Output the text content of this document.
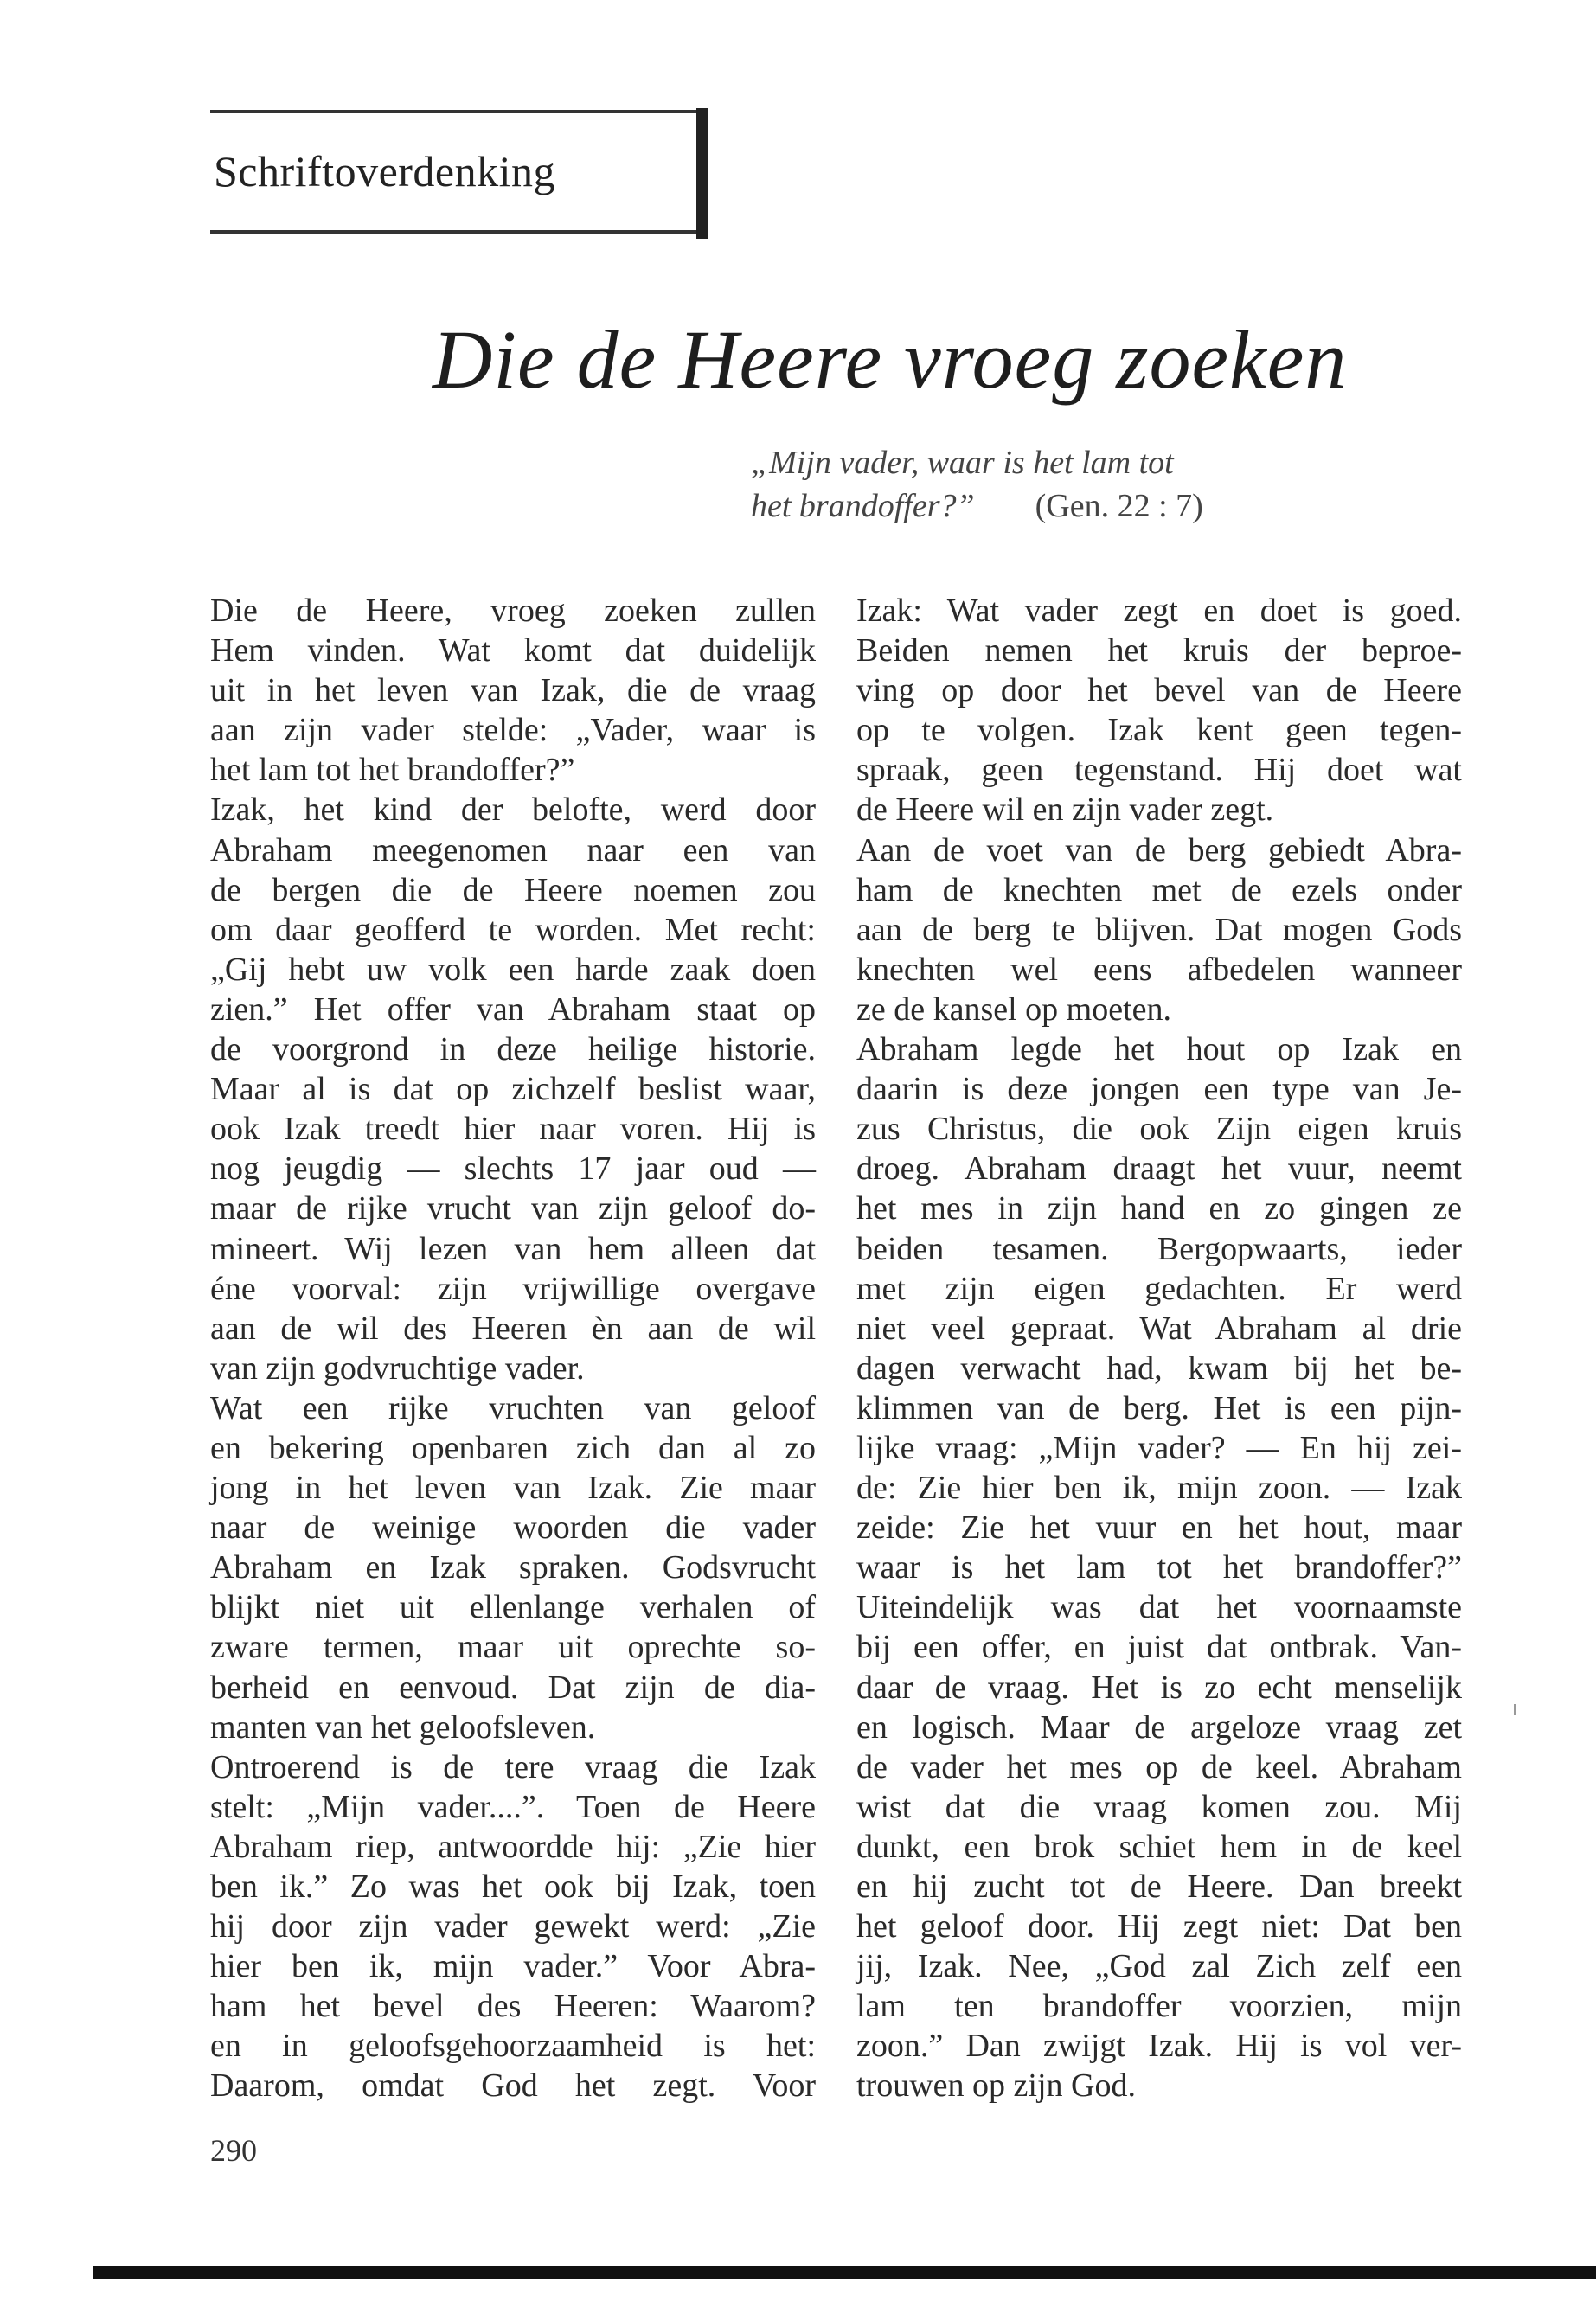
Schriftoverdenking
Die de Heere vroeg zoeken
„Mijn vader, waar is het lam tot
het brandoffer?” (Gen. 22 : 7)
Die de Heere, vroeg zoeken zullen
Hem vinden. Wat komt dat duidelijk
uit in het leven van Izak, die de vraag
aan zijn vader stelde: „Vader, waar is
het lam tot het brandoffer?”
Izak, het kind der belofte, werd door
Abraham meegenomen naar een van
de bergen die de Heere noemen zou
om daar geofferd te worden. Met recht:
„Gij hebt uw volk een harde zaak doen
zien.” Het offer van Abraham staat op
de voorgrond in deze heilige historie.
Maar al is dat op zichzelf beslist waar,
ook Izak treedt hier naar voren. Hij is
nog jeugdig — slechts 17 jaar oud —
maar de rijke vrucht van zijn geloof do-
mineert. Wij lezen van hem alleen dat
éne voorval: zijn vrijwillige overgave
aan de wil des Heeren èn aan de wil
van zijn godvruchtige vader.
Wat een rijke vruchten van geloof
en bekering openbaren zich dan al zo
jong in het leven van Izak. Zie maar
naar de weinige woorden die vader
Abraham en Izak spraken. Godsvrucht
blijkt niet uit ellenlange verhalen of
zware termen, maar uit oprechte so-
berheid en eenvoud. Dat zijn de dia-
manten van het geloofsleven.
Ontroerend is de tere vraag die Izak
stelt: „Mijn vader....”. Toen de Heere
Abraham riep, antwoordde hij: „Zie hier
ben ik.” Zo was het ook bij Izak, toen
hij door zijn vader gewekt werd: „Zie
hier ben ik, mijn vader.” Voor Abra-
ham het bevel des Heeren: Waarom?
en in geloofsgehoorzaamheid is het:
Daarom, omdat God het zegt. Voor
Izak: Wat vader zegt en doet is goed.
Beiden nemen het kruis der beproe-
ving op door het bevel van de Heere
op te volgen. Izak kent geen tegen-
spraak, geen tegenstand. Hij doet wat
de Heere wil en zijn vader zegt.
Aan de voet van de berg gebiedt Abra-
ham de knechten met de ezels onder
aan de berg te blijven. Dat mogen Gods
knechten wel eens afbedelen wanneer
ze de kansel op moeten.
Abraham legde het hout op Izak en
daarin is deze jongen een type van Je-
zus Christus, die ook Zijn eigen kruis
droeg. Abraham draagt het vuur, neemt
het mes in zijn hand en zo gingen ze
beiden tesamen. Bergopwaarts, ieder
met zijn eigen gedachten. Er werd
niet veel gepraat. Wat Abraham al drie
dagen verwacht had, kwam bij het be-
klimmen van de berg. Het is een pijn-
lijke vraag: „Mijn vader? — En hij zei-
de: Zie hier ben ik, mijn zoon. — Izak
zeide: Zie het vuur en het hout, maar
waar is het lam tot het brandoffer?”
Uiteindelijk was dat het voornaamste
bij een offer, en juist dat ontbrak. Van-
daar de vraag. Het is zo echt menselijk
en logisch. Maar de argeloze vraag zet
de vader het mes op de keel. Abraham
wist dat die vraag komen zou. Mij
dunkt, een brok schiet hem in de keel
en hij zucht tot de Heere. Dan breekt
het geloof door. Hij zegt niet: Dat ben
jij, Izak. Nee, „God zal Zich zelf een
lam ten brandoffer voorzien, mijn
zoon.” Dan zwijgt Izak. Hij is vol ver-
trouwen op zijn God.
290
